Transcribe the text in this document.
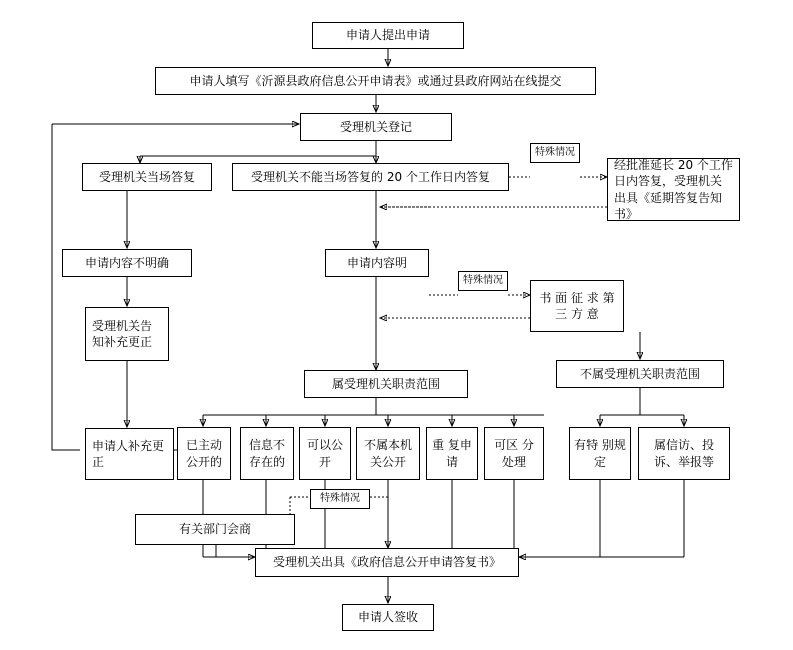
申请人提出申请
申请人填写《沂源县政府信息公开申请表》或通过县政府网站在线提交
受理机关登记
受理机关当场答复	受理机关不能当场答复的 20 个工作日内答复
特殊情况
经批准延长 20 个工作日内答复，受理机关出具《延期答复告知书》
申请内容不明确	申请内容明
特殊情况
书 面 征 求 第 三 方 意
受理机关告知补充更正
申请人补充更正
属受理机关职责范围
不属受理机关职责范围
已主动公开的
信息不存在的
可以公开
不属本机关公开
重 复申请
可区 分处理
有特 别规定
属信访、投诉、举报等
特殊情况
有关部门会商
受理机关出具《政府信息公开申请答复书》
申请人签收
